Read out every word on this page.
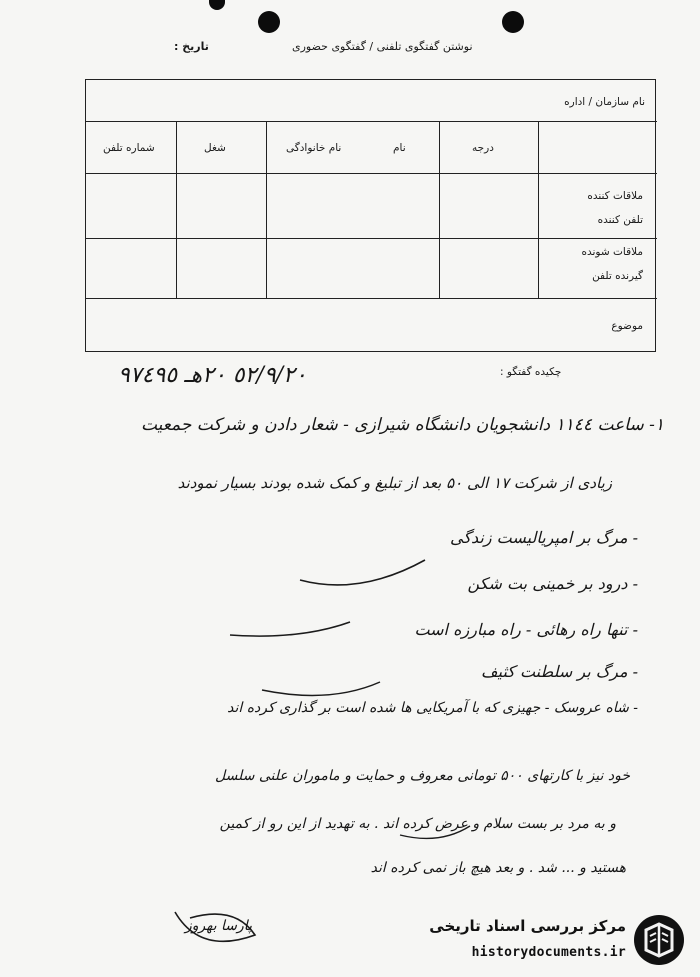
نوشتن گفتگوی تلفنی / گفتگوی حضوری
تاریخ :
نام سازمان / اداره
درجه
نام
نام خانوادگی
شغل
شماره تلفن
ملاقات کننده
تلفن کننده
ملاقات شونده
گیرنده تلفن
موضوع
چکیده گفتگو :
٥٢/٩/٢٠ ٢٠هـ ٩٧٤٩٥
١- ساعت ١١٤٤ دانشجویان دانشگاه شیرازی - شعار دادن و شرکت جمعیت
زیادی از شرکت ۱۷ الی ۵۰ بعد از تبلیغ و کمک شده بودند بسیار نمودند
- مرگ بر امپریالیست زندگی
- درود بر خمینی بت شکن
- تنها راه رهائی - راه مبارزه است
- مرگ بر سلطنت کثیف
- شاه عروسک - جهیزی که با آمریکایی ها شده است بر گذاری کرده اند
خود نیز با کارتهای ۵۰۰ تومانی معروف و حمایت و ماموران علنی سلسل
و به مرد بر بست سلام و عرض کرده اند . به تهدید از این رو از کمین
هستید و ... شد . و بعد هیچ باز نمی کرده اند
پارسا بهروز	مرکز بررسی اسناد تاریخی
historydocuments.ir
